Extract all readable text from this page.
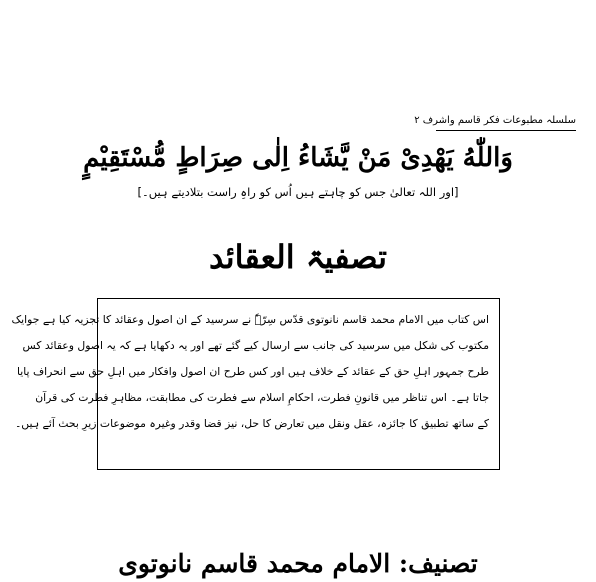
سلسلہ مطبوعات فکر قاسم واشرف ۲
وَاللّٰهُ يَهْدِىْ مَنْ يَّشَاءُ اِلٰى صِرَاطٍ مُّسْتَقِيْمٍ
[اور اللہ تعالیٰ جس کو چاہتے ہیں اُس کو راہِ راست بتلادیتے ہیں۔]
تصفیۃ العقائد
اس کتاب میں الامام محمد قاسم نانوتوی قدّس سِرّہٗ نے سرسید کے ان اصول وعقائد کا تجزیہ کیا ہے جوایک
مکتوب کی شکل میں سرسید کی جانب سے ارسال کیے گئے تھے اور یہ دکھایا ہے کہ یہ اصول وعقائد کس
طرح جمہور اہلِ حق کے عقائد کے خلاف ہیں اور کس طرح ان اصول وافکار میں اہلِ حق سے انحراف پایا
جاتا ہے۔ اس تناظر میں قانونِ فطرت، احکامِ اسلام سے فطرت کی مطابقت، مظاہرِ فطرت کی قرآن
کے ساتھ تطبیق کا جائزہ، عقل ونقل میں تعارض کا حل، نیز قضا وقدر وغیرہ موضوعات زیرِ بحث آئے ہیں۔
تصنیف: الامام محمد قاسم نانوتوی
